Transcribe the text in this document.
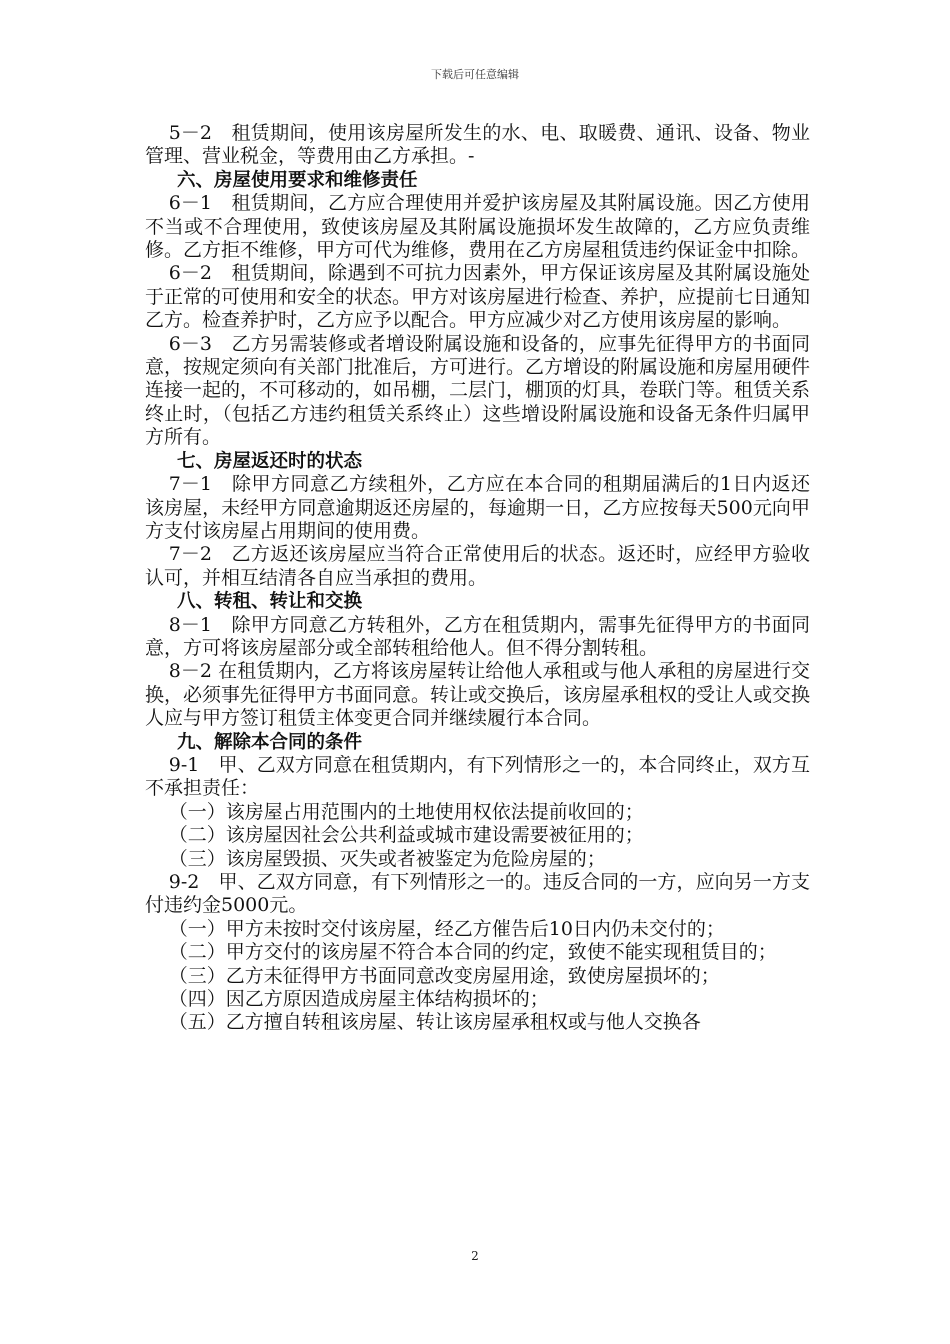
下载后可任意编辑

5－2　租赁期间，使用该房屋所发生的水、电、取暖费、通讯、设备、物业管理、营业税金，等费用由乙方承担。-

六、房屋使用要求和维修责任

6－1　租赁期间，乙方应合理使用并爱护该房屋及其附属设施。因乙方使用不当或不合理使用，致使该房屋及其附属设施损坏发生故障的，乙方应负责维修。乙方拒不维修，甲方可代为维修，费用在乙方房屋租赁违约保证金中扣除。

6－2　租赁期间，除遇到不可抗力因素外，甲方保证该房屋及其附属设施处于正常的可使用和安全的状态。甲方对该房屋进行检查、养护，应提前七日通知乙方。检查养护时，乙方应予以配合。甲方应减少对乙方使用该房屋的影响。

6－3　乙方另需装修或者增设附属设施和设备的，应事先征得甲方的书面同意，按规定须向有关部门批准后，方可进行。乙方增设的附属设施和房屋用硬件连接一起的，不可移动的，如吊棚，二层门，棚顶的灯具，卷联门等。租赁关系终止时，（包括乙方违约租赁关系终止）这些增设附属设施和设备无条件归属甲方所有。

七、房屋返还时的状态

7－1　除甲方同意乙方续租外，乙方应在本合同的租期届满后的1日内返还该房屋，未经甲方同意逾期返还房屋的，每逾期一日，乙方应按每天500元向甲方支付该房屋占用期间的使用费。

7－2　乙方返还该房屋应当符合正常使用后的状态。返还时，应经甲方验收认可，并相互结清各自应当承担的费用。

八、转租、转让和交换

8－1　除甲方同意乙方转租外，乙方在租赁期内，需事先征得甲方的书面同意，方可将该房屋部分或全部转租给他人。但不得分割转租。

8－2 在租赁期内，乙方将该房屋转让给他人承租或与他人承租的房屋进行交换，必须事先征得甲方书面同意。转让或交换后，该房屋承租权的受让人或交换人应与甲方签订租赁主体变更合同并继续履行本合同。

九、解除本合同的条件

9-1　甲、乙双方同意在租赁期内，有下列情形之一的，本合同终止，双方互不承担责任：

（一）该房屋占用范围内的土地使用权依法提前收回的；

（二）该房屋因社会公共利益或城市建设需要被征用的；

（三）该房屋毁损、灭失或者被鉴定为危险房屋的；

9-2　甲、乙双方同意，有下列情形之一的。违反合同的一方，应向另一方支付违约金5000元。

（一）甲方未按时交付该房屋，经乙方催告后10日内仍未交付的；

（二）甲方交付的该房屋不符合本合同的约定，致使不能实现租赁目的；

（三）乙方未征得甲方书面同意改变房屋用途，致使房屋损坏的；

（四）因乙方原因造成房屋主体结构损坏的；

（五）乙方擅自转租该房屋、转让该房屋承租权或与他人交换各

2
